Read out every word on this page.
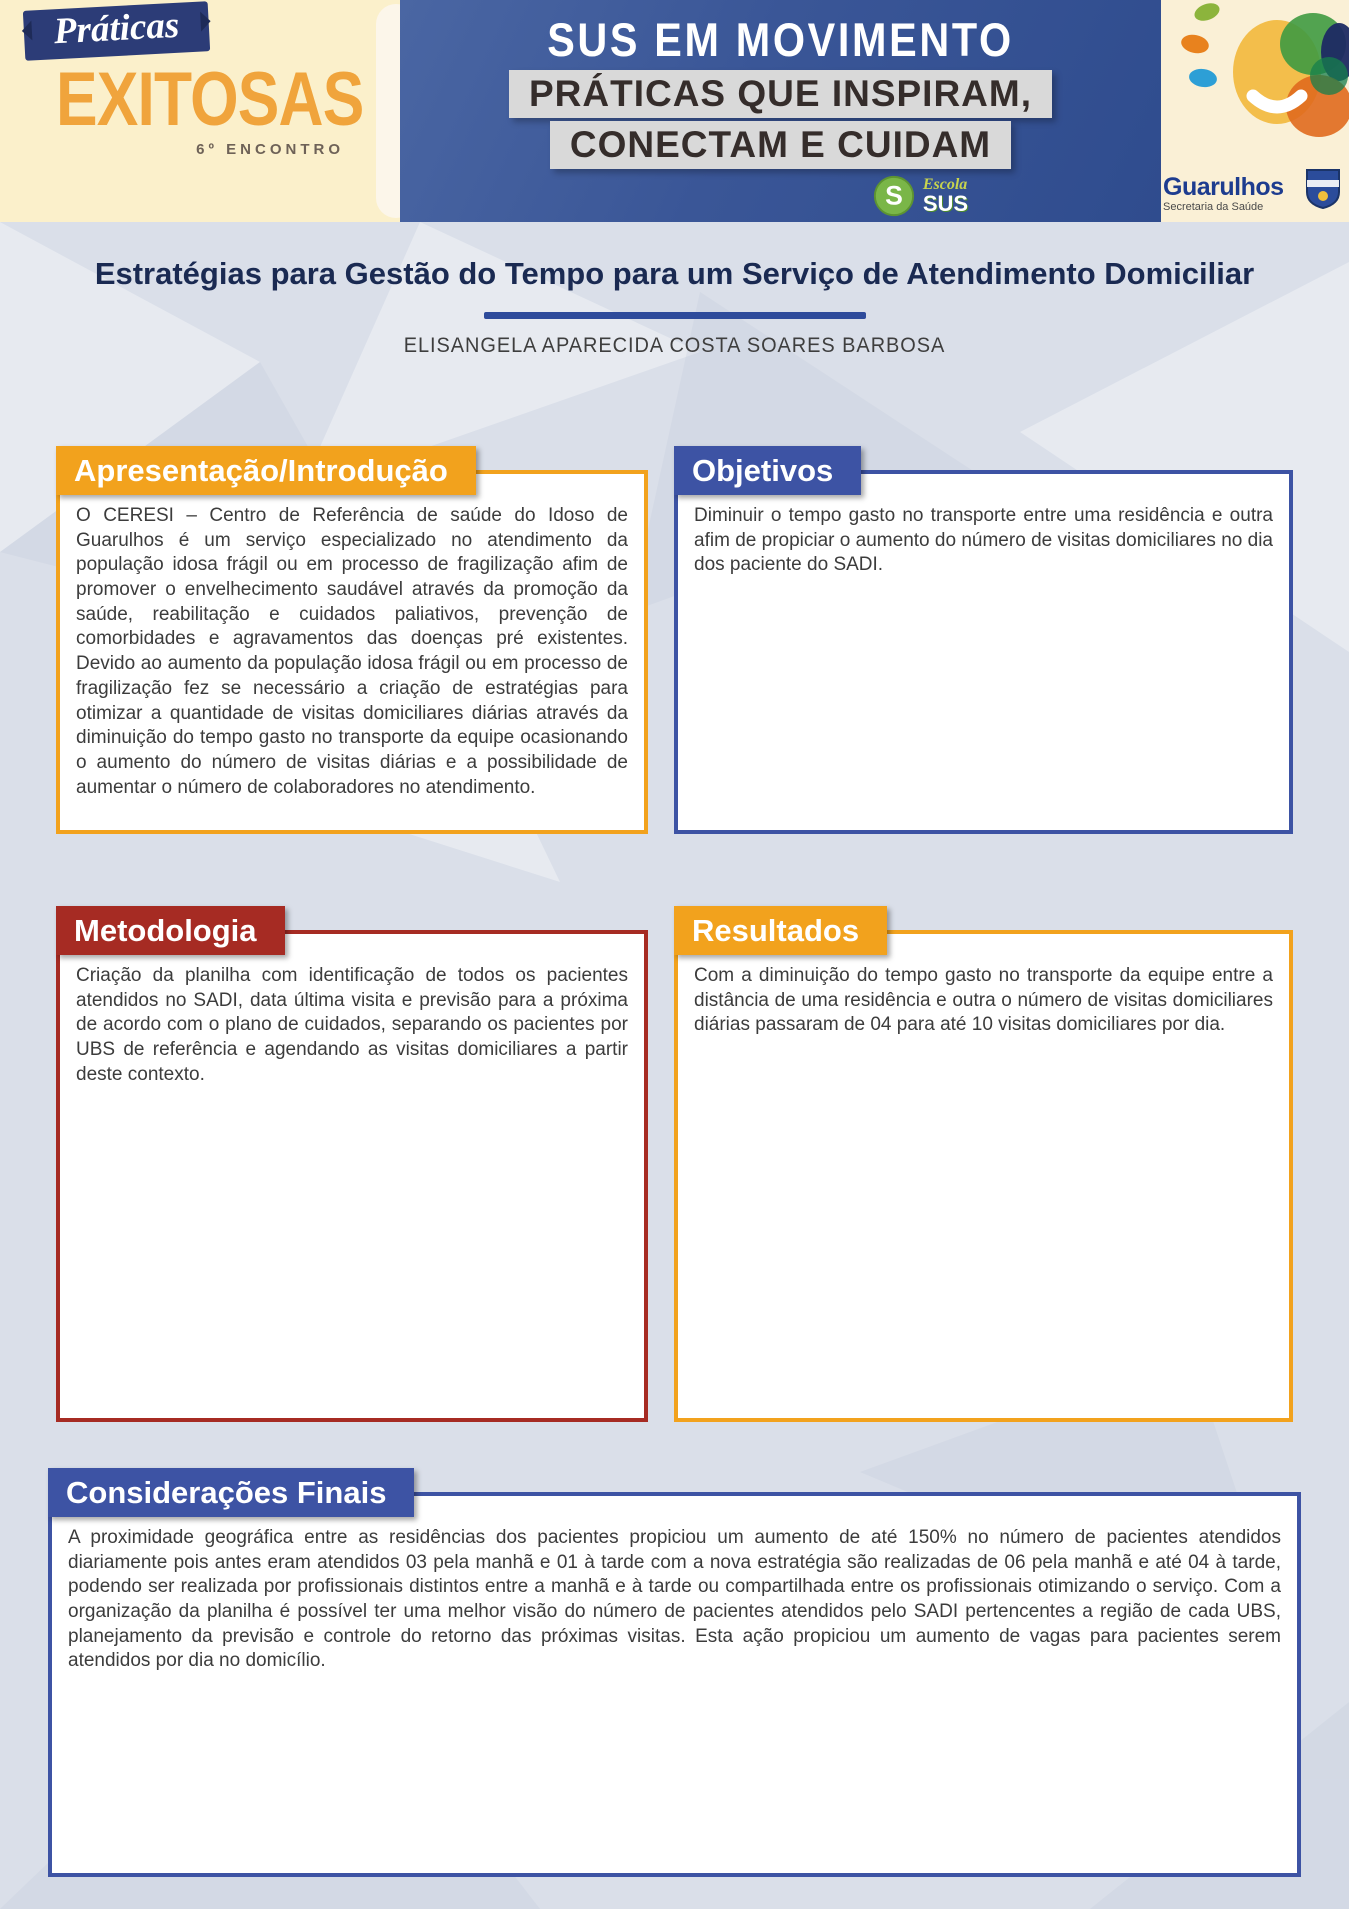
Práticas
EXITOSAS
6º ENCONTRO
SUS EM MOVIMENTO
PRÁTICAS QUE INSPIRAM,
CONECTAM E CUIDAM
S Escola
SUS
Guarulhos
Secretaria da Saúde
Estratégias para Gestão do Tempo para um Serviço de Atendimento Domiciliar
ELISANGELA APARECIDA COSTA SOARES BARBOSA
Apresentação/Introdução
O CERESI – Centro de Referência de saúde do Idoso de Guarulhos é um serviço especializado no atendimento da população idosa frágil ou em processo de fragilização afim de promover o envelhecimento saudável através da promoção da saúde, reabilitação e cuidados paliativos, prevenção de comorbidades e agravamentos das doenças pré existentes. Devido ao aumento da população idosa frágil ou em processo de fragilização fez se necessário a criação de estratégias para otimizar a quantidade de visitas domiciliares diárias através da diminuição do tempo gasto no transporte da equipe ocasionando o aumento do número de visitas diárias e a possibilidade de aumentar o número de colaboradores no atendimento.
Objetivos
Diminuir o tempo gasto no transporte entre uma residência e outra afim de propiciar o aumento do número de visitas domiciliares no dia dos paciente do SADI.
Metodologia
Criação da planilha com identificação de todos os pacientes atendidos no SADI, data última visita e previsão para a próxima de acordo com o plano de cuidados, separando os pacientes por UBS de referência e agendando as visitas domiciliares a partir deste contexto.
Resultados
Com a diminuição do tempo gasto no transporte da equipe entre a distância de uma residência e outra o número de visitas domiciliares diárias passaram de 04 para até 10 visitas domiciliares por dia.
Considerações Finais
A proximidade geográfica entre as residências dos pacientes propiciou um aumento de até 150% no número de pacientes atendidos diariamente pois antes eram atendidos 03 pela manhã e 01 à tarde com a nova estratégia são realizadas de 06 pela manhã e até 04 à tarde, podendo ser realizada por profissionais distintos entre a manhã e à tarde ou compartilhada entre os profissionais otimizando o serviço. Com a organização da planilha é possível ter uma melhor visão do número de pacientes atendidos pelo SADI pertencentes a região de cada UBS, planejamento da previsão e controle do retorno das próximas visitas. Esta ação propiciou um aumento de vagas para pacientes serem atendidos por dia no domicílio.
